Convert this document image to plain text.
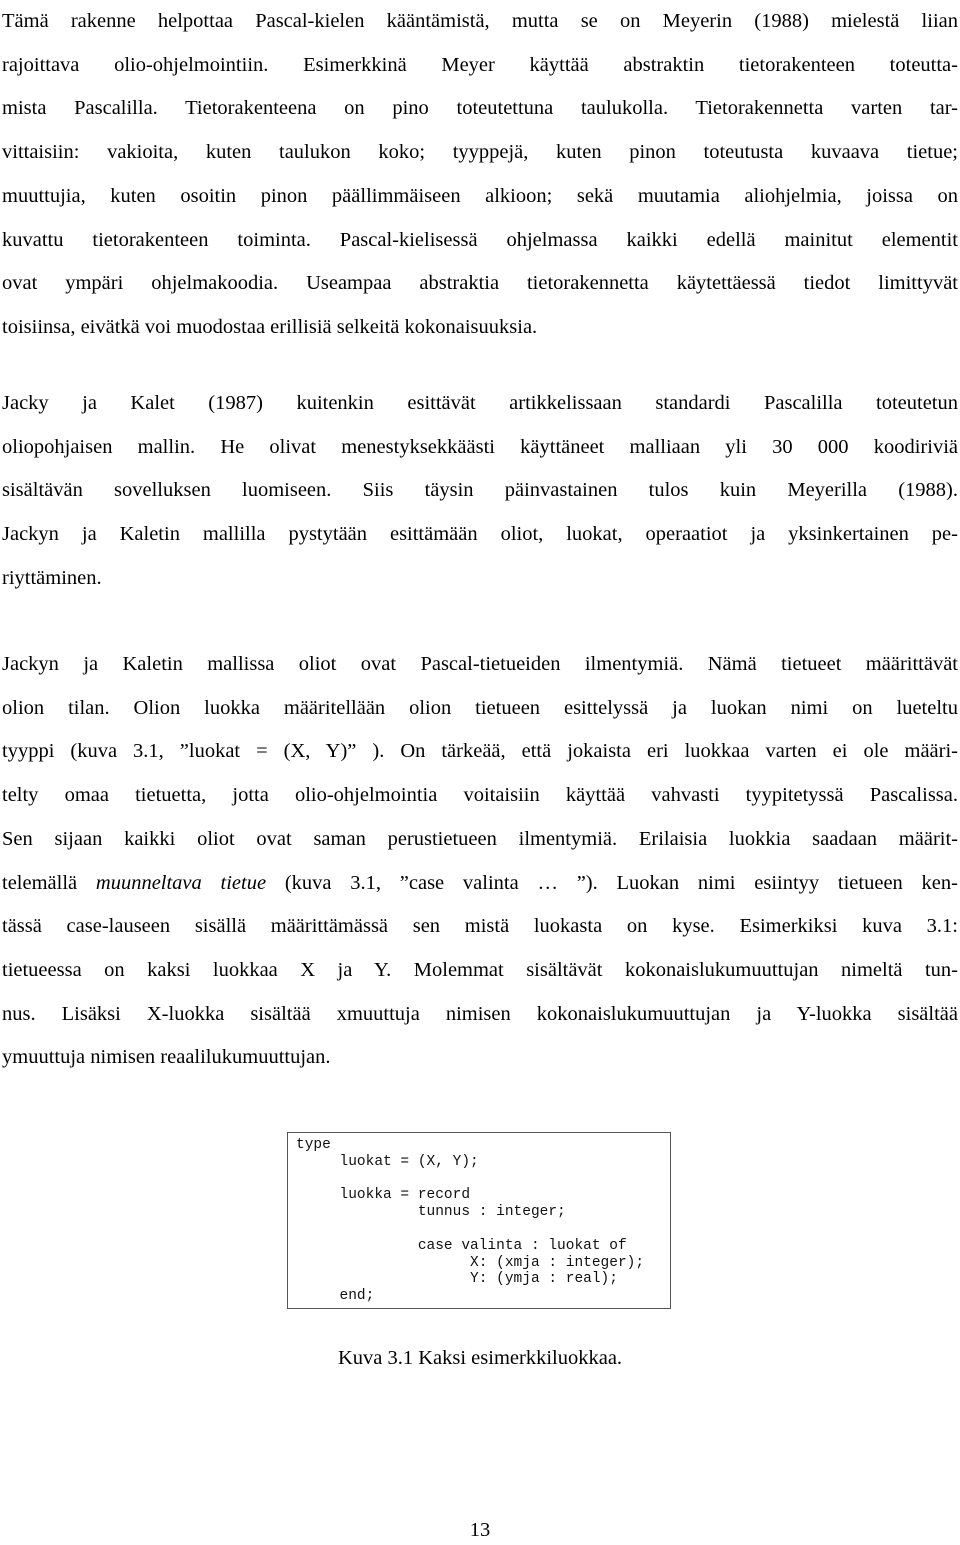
Tämä rakenne helpottaa Pascal-kielen kääntämistä, mutta se on Meyerin (1988) mielestä liian
rajoittava olio-ohjelmointiin. Esimerkkinä Meyer käyttää abstraktin tietorakenteen toteutta-
mista Pascalilla. Tietorakenteena on pino toteutettuna taulukolla. Tietorakennetta varten tar-
vittaisiin: vakioita, kuten taulukon koko; tyyppejä, kuten pinon toteutusta kuvaava tietue;
muuttujia, kuten osoitin pinon päällimmäiseen alkioon; sekä muutamia aliohjelmia, joissa on
kuvattu tietorakenteen toiminta. Pascal-kielisessä ohjelmassa kaikki edellä mainitut elementit
ovat ympäri ohjelmakoodia. Useampaa abstraktia tietorakennetta käytettäessä tiedot limittyvät
toisiinsa, eivätkä voi muodostaa erillisiä selkeitä kokonaisuuksia.
Jacky ja Kalet (1987) kuitenkin esittävät artikkelissaan standardi Pascalilla toteutetun
oliopohjaisen mallin. He olivat menestyksekkäästi käyttäneet malliaan yli 30 000 koodiriviä
sisältävän sovelluksen luomiseen. Siis täysin päinvastainen tulos kuin Meyerilla (1988).
Jackyn ja Kaletin mallilla pystytään esittämään oliot, luokat, operaatiot ja yksinkertainen pe-
riyttäminen.
Jackyn ja Kaletin mallissa oliot ovat Pascal-tietueiden ilmentymiä. Nämä tietueet määrittävät
olion tilan. Olion luokka määritellään olion tietueen esittelyssä ja luokan nimi on lueteltu
tyyppi (kuva 3.1, ”luokat = (X, Y)” ). On tärkeää, että jokaista eri luokkaa varten ei ole määri-
telty omaa tietuetta, jotta olio-ohjelmointia voitaisiin käyttää vahvasti tyypitetyssä Pascalissa.
Sen sijaan kaikki oliot ovat saman perustietueen ilmentymiä. Erilaisia luokkia saadaan määrit-
telemällä muunneltava tietue (kuva 3.1, ”case valinta … ”). Luokan nimi esiintyy tietueen ken-
tässä case-lauseen sisällä määrittämässä sen mistä luokasta on kyse. Esimerkiksi kuva 3.1:
tietueessa on kaksi luokkaa X ja Y. Molemmat sisältävät kokonaislukumuuttujan nimeltä tun-
nus. Lisäksi X-luokka sisältää xmuuttuja nimisen kokonaislukumuuttujan ja Y-luokka sisältää
ymuuttuja nimisen reaalilukumuuttujan.
type
luokat = (X, Y);

luokka = record
tunnus : integer;

case valinta : luokat of
X: (xmja : integer);
Y: (ymja : real);
end;
Kuva 3.1 Kaksi esimerkkiluokkaa.
13
